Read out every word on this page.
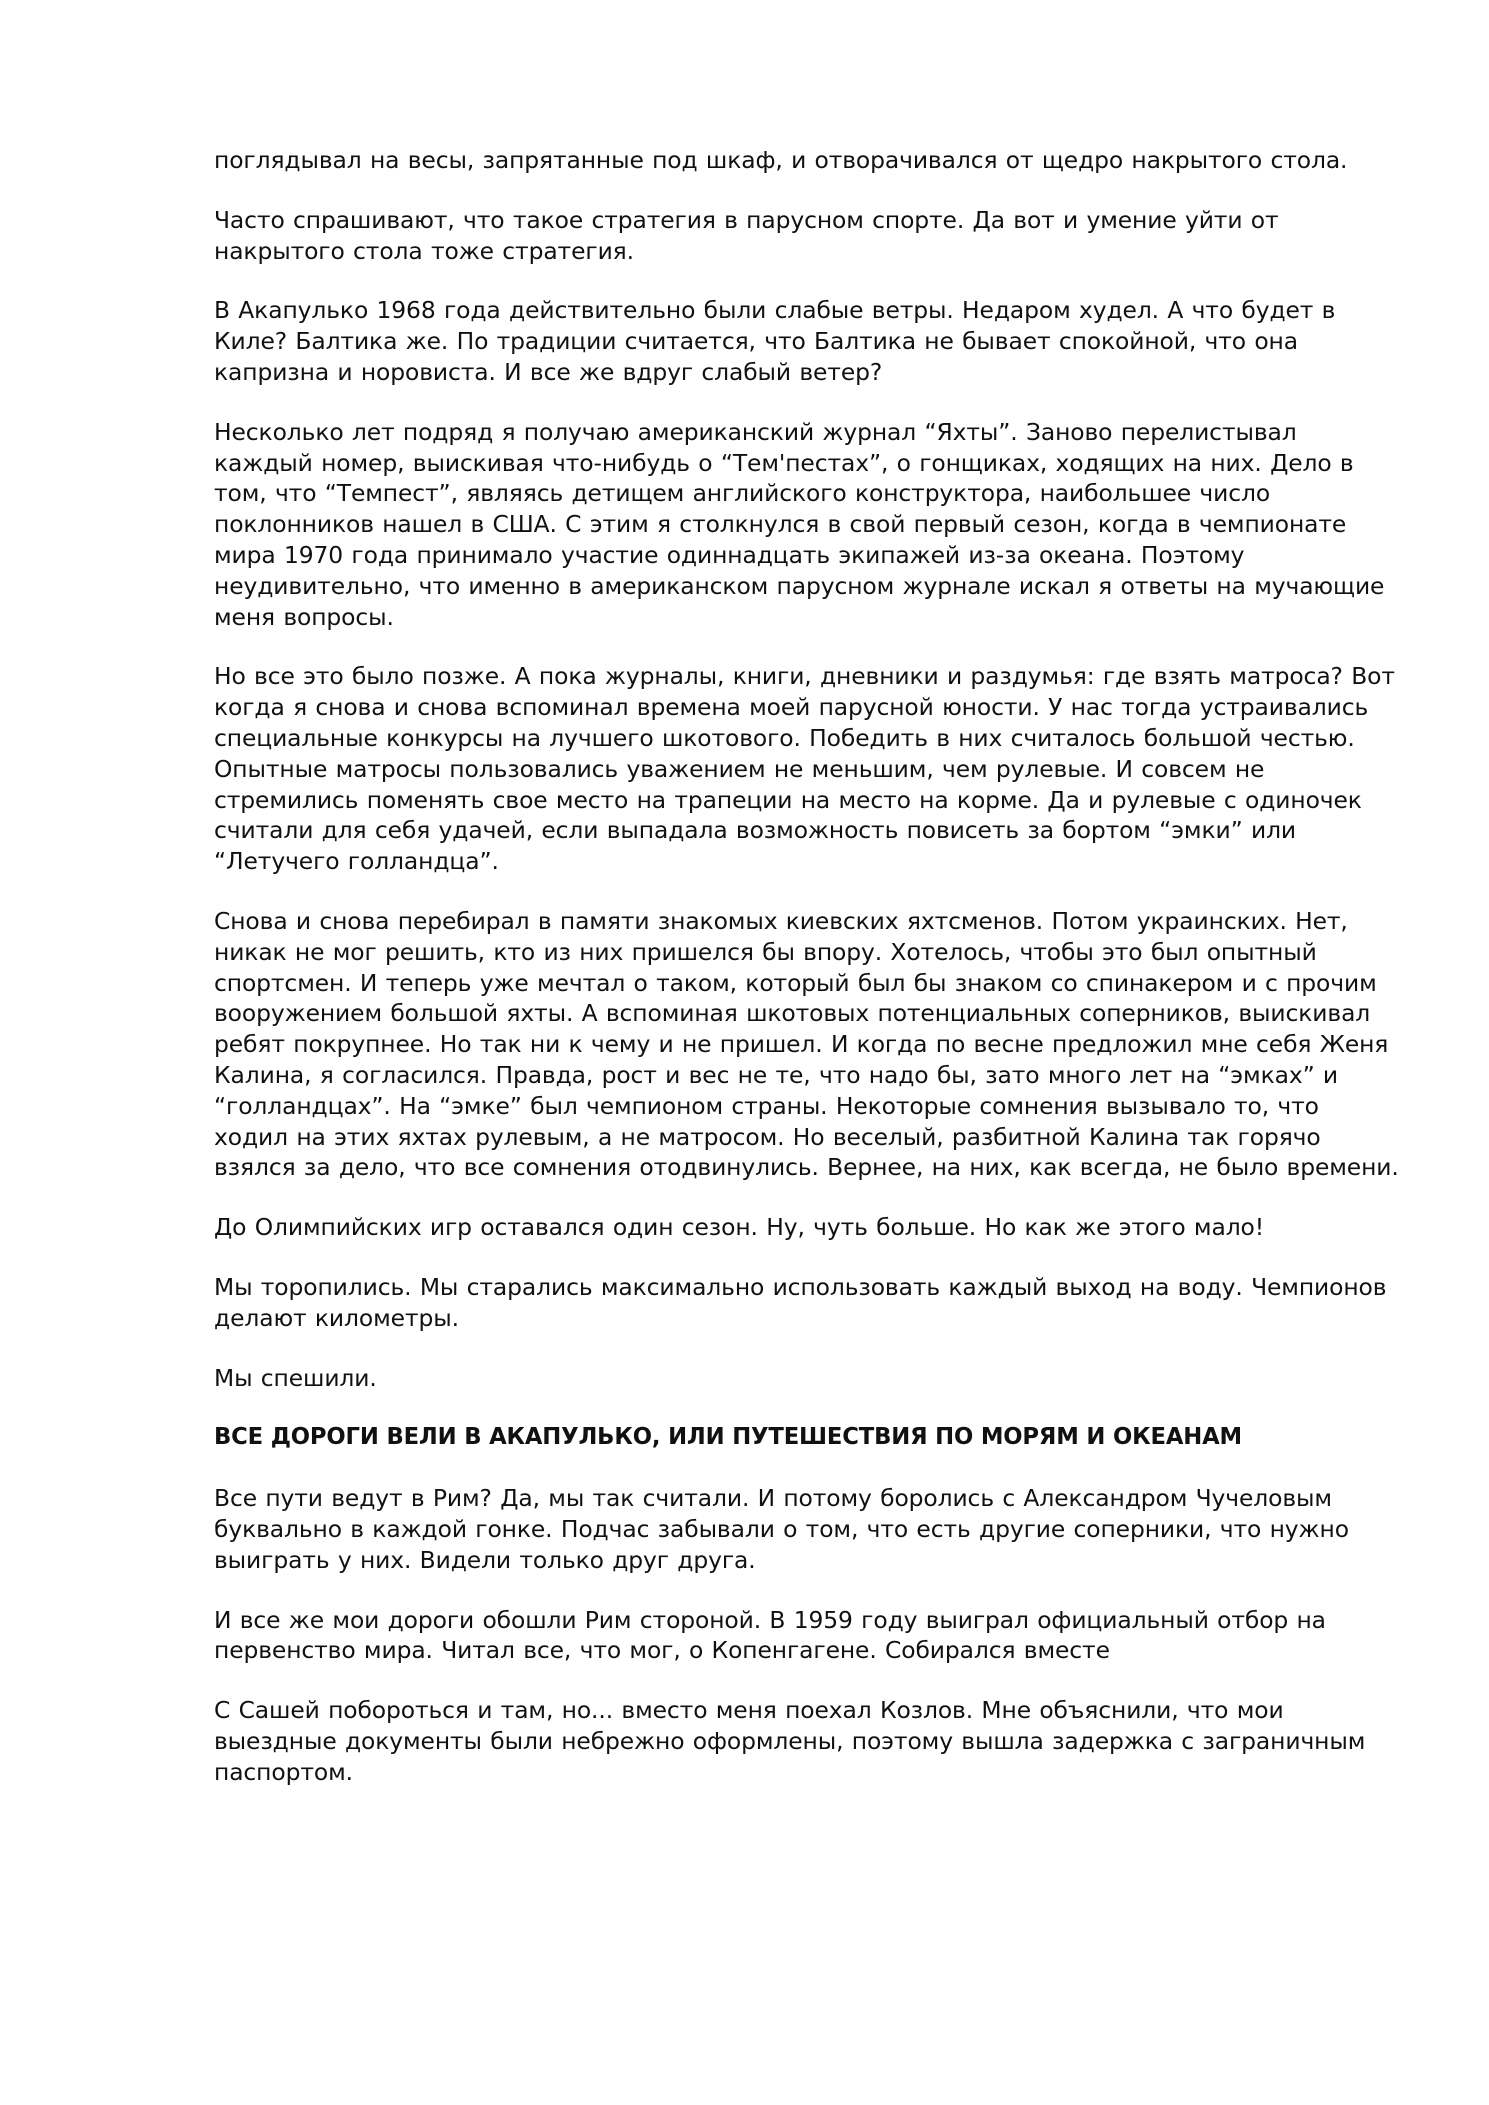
поглядывал на весы, запрятанные под шкаф, и отворачивался от щедро накрытого стола.

Часто спрашивают, что такое стратегия в парусном спорте. Да вот и умение уйти от накрытого стола тоже стратегия.

В Акапулько 1968 года действительно были слабые ветры. Недаром худел. А что будет в Киле? Балтика же. По традиции считается, что Балтика не бывает спокойной, что она капризна и норовиста. И все же вдруг слабый ветер?

Несколько лет подряд я получаю американский журнал “Яхты”. Заново перелистывал каждый номер, выискивая что-нибудь о “Тем'пестах”, о гонщиках, ходящих на них. Дело в том, что “Темпест”, являясь детищем английского конструктора, наибольшее число поклонников нашел в США. С этим я столкнулся в свой первый сезон, когда в чемпионате мира 1970 года принимало участие одиннадцать экипажей из-за океана. Поэтому неудивительно, что именно в американском парусном журнале искал я ответы на мучающие меня вопросы.

Но все это было позже. А пока журналы, книги, дневники и раздумья: где взять матроса? Вот когда я снова и снова вспоминал времена моей парусной юности. У нас тогда устраивались специальные конкурсы на лучшего шкотового. Победить в них считалось большой честью. Опытные матросы пользовались уважением не меньшим, чем рулевые. И совсем не стремились поменять свое место на трапеции на место на корме. Да и рулевые с одиночек считали для себя удачей, если выпадала возможность повисеть за бортом “эмки” или “Летучего голландца”.

Снова и снова перебирал в памяти знакомых киевских яхтсменов. Потом украинских. Нет, никак не мог решить, кто из них пришелся бы впору. Хотелось, чтобы это был опытный спортсмен. И теперь уже мечтал о таком, который был бы знаком со спинакером и с прочим вооружением большой яхты. А вспоминая шкотовых потенциальных соперников, выискивал ребят покрупнее. Но так ни к чему и не пришел. И когда по весне предложил мне себя Женя Калина, я согласился. Правда, рост и вес не те, что надо бы, зато много лет на “эмках” и “голландцах”. На “эмке” был чемпионом страны. Некоторые сомнения вызывало то, что ходил на этих яхтах рулевым, а не матросом. Но веселый, разбитной Калина так горячо взялся за дело, что все сомнения отодвинулись. Вернее, на них, как всегда, не было времени.

До Олимпийских игр оставался один сезон. Ну, чуть больше. Но как же этого мало!

Мы торопились. Мы старались максимально использовать каждый выход на воду. Чемпионов делают километры.

Мы спешили.

ВСЕ ДОРОГИ ВЕЛИ В АКАПУЛЬКО, ИЛИ ПУТЕШЕСТВИЯ ПО МОРЯМ И ОКЕАНАМ

Все пути ведут в Рим? Да, мы так считали. И потому боролись с Александром Чучеловым буквально в каждой гонке. Подчас забывали о том, что есть другие соперники, что нужно выиграть у них. Видели только друг друга.

И все же мои дороги обошли Рим стороной. В 1959 году выиграл официальный отбор на первенство мира. Читал все, что мог, о Копенгагене. Собирался вместе

С Сашей побороться и там, но... вместо меня поехал Козлов. Мне объяснили, что мои выездные документы были небрежно оформлены, поэтому вышла задержка с заграничным паспортом.
